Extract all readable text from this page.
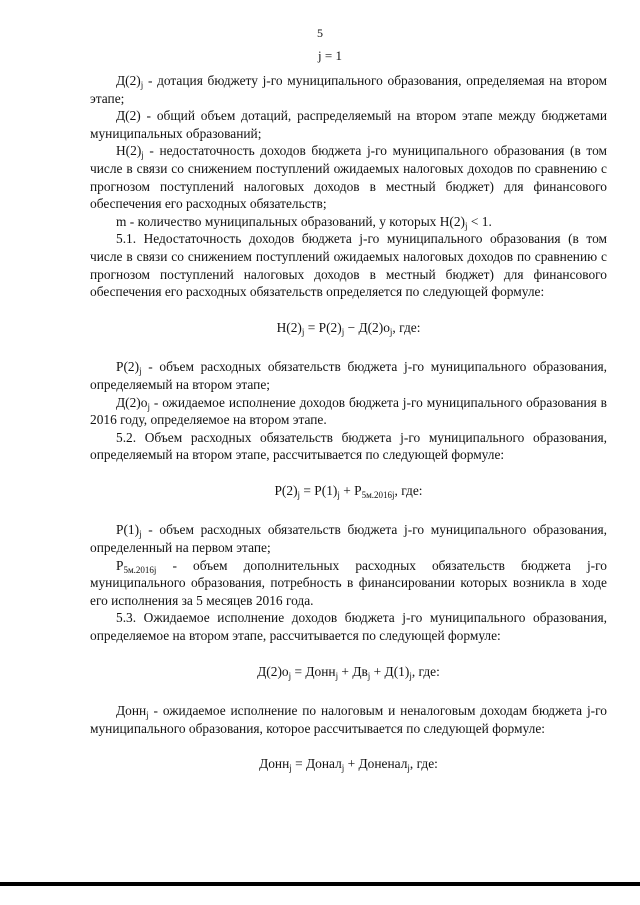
5
j = 1

$Д(2)_j$ - дотация бюджету j-го муниципального образования, определяемая на втором этапе;

Д(2) - общий объем дотаций, распределяемый на втором этапе между бюджетами муниципальных образований;

$Н(2)_j$ - недостаточность доходов бюджета j-го муниципального образования (в том числе в связи со снижением поступлений ожидаемых налоговых доходов по сравнению с прогнозом поступлений налоговых доходов в местный бюджет) для финансового обеспечения его расходных обязательств;

m - количество муниципальных образований, у которых $Н(2)_j < 1$.

5.1. Недостаточность доходов бюджета j-го муниципального образования (в том числе в связи со снижением поступлений ожидаемых налоговых доходов по сравнению с прогнозом поступлений налоговых доходов в местный бюджет) для финансового обеспечения его расходных обязательств определяется по следующей формуле:

$Н(2)_j = Р(2)_j - Д(2)о_j$, где:

$Р(2)_j$ - объем расходных обязательств бюджета j-го муниципального образования, определяемый на втором этапе;

$Д(2)о_j$ - ожидаемое исполнение доходов бюджета j-го муниципального образования в 2016 году, определяемое на втором этапе.

5.2. Объем расходных обязательств бюджета j-го муниципального образования, определяемый на втором этапе, рассчитывается по следующей формуле:

$Р(2)_j = Р(1)_j + Р_{5м.2016j}$, где:

$Р(1)_j$ - объем расходных обязательств бюджета j-го муниципального образования, определенный на первом этапе;

$Р_{5м.2016j}$ - объем дополнительных расходных обязательств бюджета j-го муниципального образования, потребность в финансировании которых возникла в ходе его исполнения за 5 месяцев 2016 года.

5.3. Ожидаемое исполнение доходов бюджета j-го муниципального образования, определяемое на втором этапе, рассчитывается по следующей формуле:

$Д(2)о_j$ = Донн$_j$ + $Дв_j + Д(1)_j$, где:

Донн$_j$ - ожидаемое исполнение по налоговым и неналоговым доходам бюджета j-го муниципального образования, которое рассчитывается по следующей формуле:

Донн$_j$ = Донал$_j$ + Доненал$_j$, где:
